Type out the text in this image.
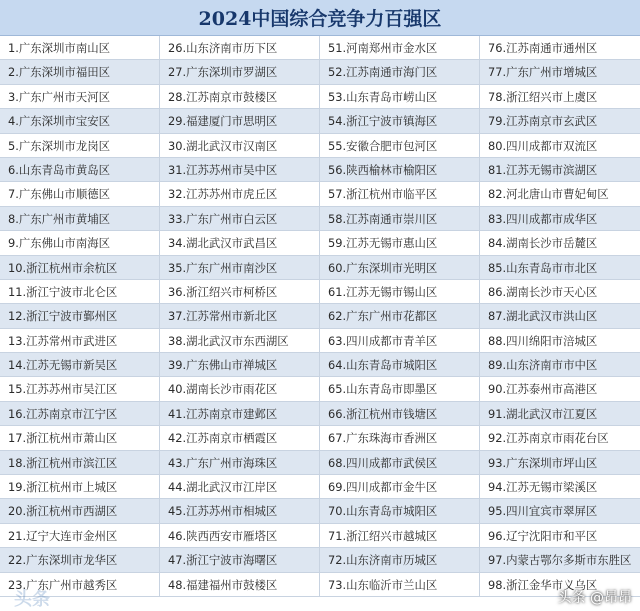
2024中国综合竞争力百强区
1.广东深圳市南山区	26.山东济南市历下区	51.河南郑州市金水区	76.江苏南通市通州区
2.广东深圳市福田区	27.广东深圳市罗湖区	52.江苏南通市海门区	77.广东广州市增城区
3.广东广州市天河区	28.江苏南京市鼓楼区	53.山东青岛市崂山区	78.浙江绍兴市上虞区
4.广东深圳市宝安区	29.福建厦门市思明区	54.浙江宁波市镇海区	79.江苏南京市玄武区
5.广东深圳市龙岗区	30.湖北武汉市汉南区	55.安徽合肥市包河区	80.四川成都市双流区
6.山东青岛市黄岛区	31.江苏苏州市吴中区	56.陕西榆林市榆阳区	81.江苏无锡市滨湖区
7.广东佛山市顺德区	32.江苏苏州市虎丘区	57.浙江杭州市临平区	82.河北唐山市曹妃甸区
8.广东广州市黄埔区	33.广东广州市白云区	58.江苏南通市崇川区	83.四川成都市成华区
9.广东佛山市南海区	34.湖北武汉市武昌区	59.江苏无锡市惠山区	84.湖南长沙市岳麓区
10.浙江杭州市余杭区	35.广东广州市南沙区	60.广东深圳市光明区	85.山东青岛市市北区
11.浙江宁波市北仑区	36.浙江绍兴市柯桥区	61.江苏无锡市锡山区	86.湖南长沙市天心区
12.浙江宁波市鄞州区	37.江苏常州市新北区	62.广东广州市花都区	87.湖北武汉市洪山区
13.江苏常州市武进区	38.湖北武汉市东西湖区	63.四川成都市青羊区	88.四川绵阳市涪城区
14.江苏无锡市新吴区	39.广东佛山市禅城区	64.山东青岛市城阳区	89.山东济南市市中区
15.江苏苏州市吴江区	40.湖南长沙市雨花区	65.山东青岛市即墨区	90.江苏泰州市高港区
16.江苏南京市江宁区	41.江苏南京市建邺区	66.浙江杭州市钱塘区	91.湖北武汉市江夏区
17.浙江杭州市萧山区	42.江苏南京市栖霞区	67.广东珠海市香洲区	92.江苏南京市雨花台区
18.浙江杭州市滨江区	43.广东广州市海珠区	68.四川成都市武侯区	93.广东深圳市坪山区
19.浙江杭州市上城区	44.湖北武汉市江岸区	69.四川成都市金牛区	94.江苏无锡市梁溪区
20.浙江杭州市西湖区	45.江苏苏州市相城区	70.山东青岛市城阳区	95.四川宜宾市翠屏区
21.辽宁大连市金州区	46.陕西西安市雁塔区	71.浙江绍兴市越城区	96.辽宁沈阳市和平区
22.广东深圳市龙华区	47.浙江宁波市海曙区	72.山东济南市历城区	97.内蒙古鄂尔多斯市东胜区
23.广东广州市越秀区	48.福建福州市鼓楼区	73.山东临沂市兰山区	98.浙江金华市义乌区
头条	头条 @昂昂
